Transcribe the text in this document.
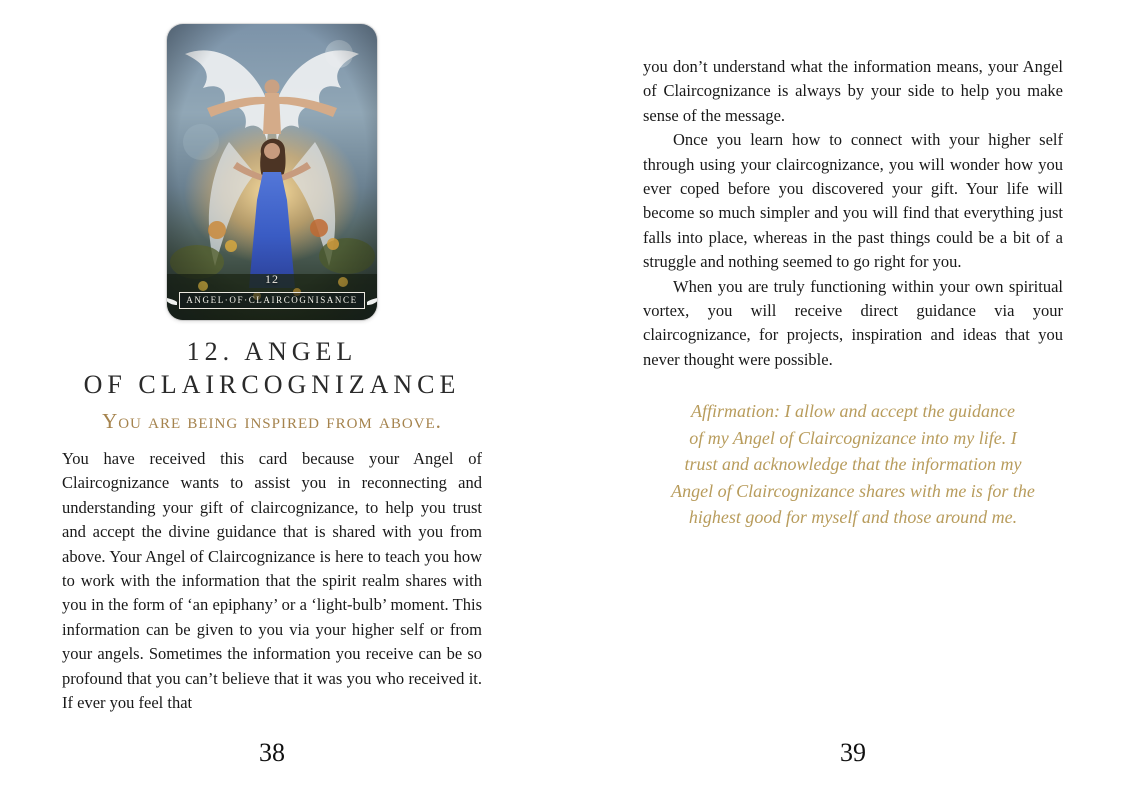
12
ANGEL·OF·CLAIRCOGNISANCE
12. ANGEL
OF CLAIRCOGNIZANCE
You are being inspired from above.

You have received this card because your Angel of Claircognizance wants to assist you in reconnecting and understanding your gift of claircognizance, to help you trust and accept the divine guidance that is shared with you from above. Your Angel of Claircognizance is here to teach you how to work with the information that the spirit realm shares with you in the form of ‘an epiphany’ or a ‘light-bulb’ moment. This information can be given to you via your higher self or from your angels. Sometimes the information you receive can be so profound that you can’t believe that it was you who received it. If ever you feel that

38

you don’t understand what the information means, your Angel of Claircognizance is always by your side to help you make sense of the message.

Once you learn how to connect with your higher self through using your claircognizance, you will wonder how you ever coped before you discovered your gift. Your life will become so much simpler and you will find that everything just falls into place, whereas in the past things could be a bit of a struggle and nothing seemed to go right for you.

When you are truly functioning within your own spiritual vortex, you will receive direct guidance via your claircognizance, for projects, inspiration and ideas that you never thought were possible.

Affirmation: I allow and accept the guidance
of my Angel of Claircognizance into my life. I
trust and acknowledge that the information my
Angel of Claircognizance shares with me is for the
highest good for myself and those around me.
39
